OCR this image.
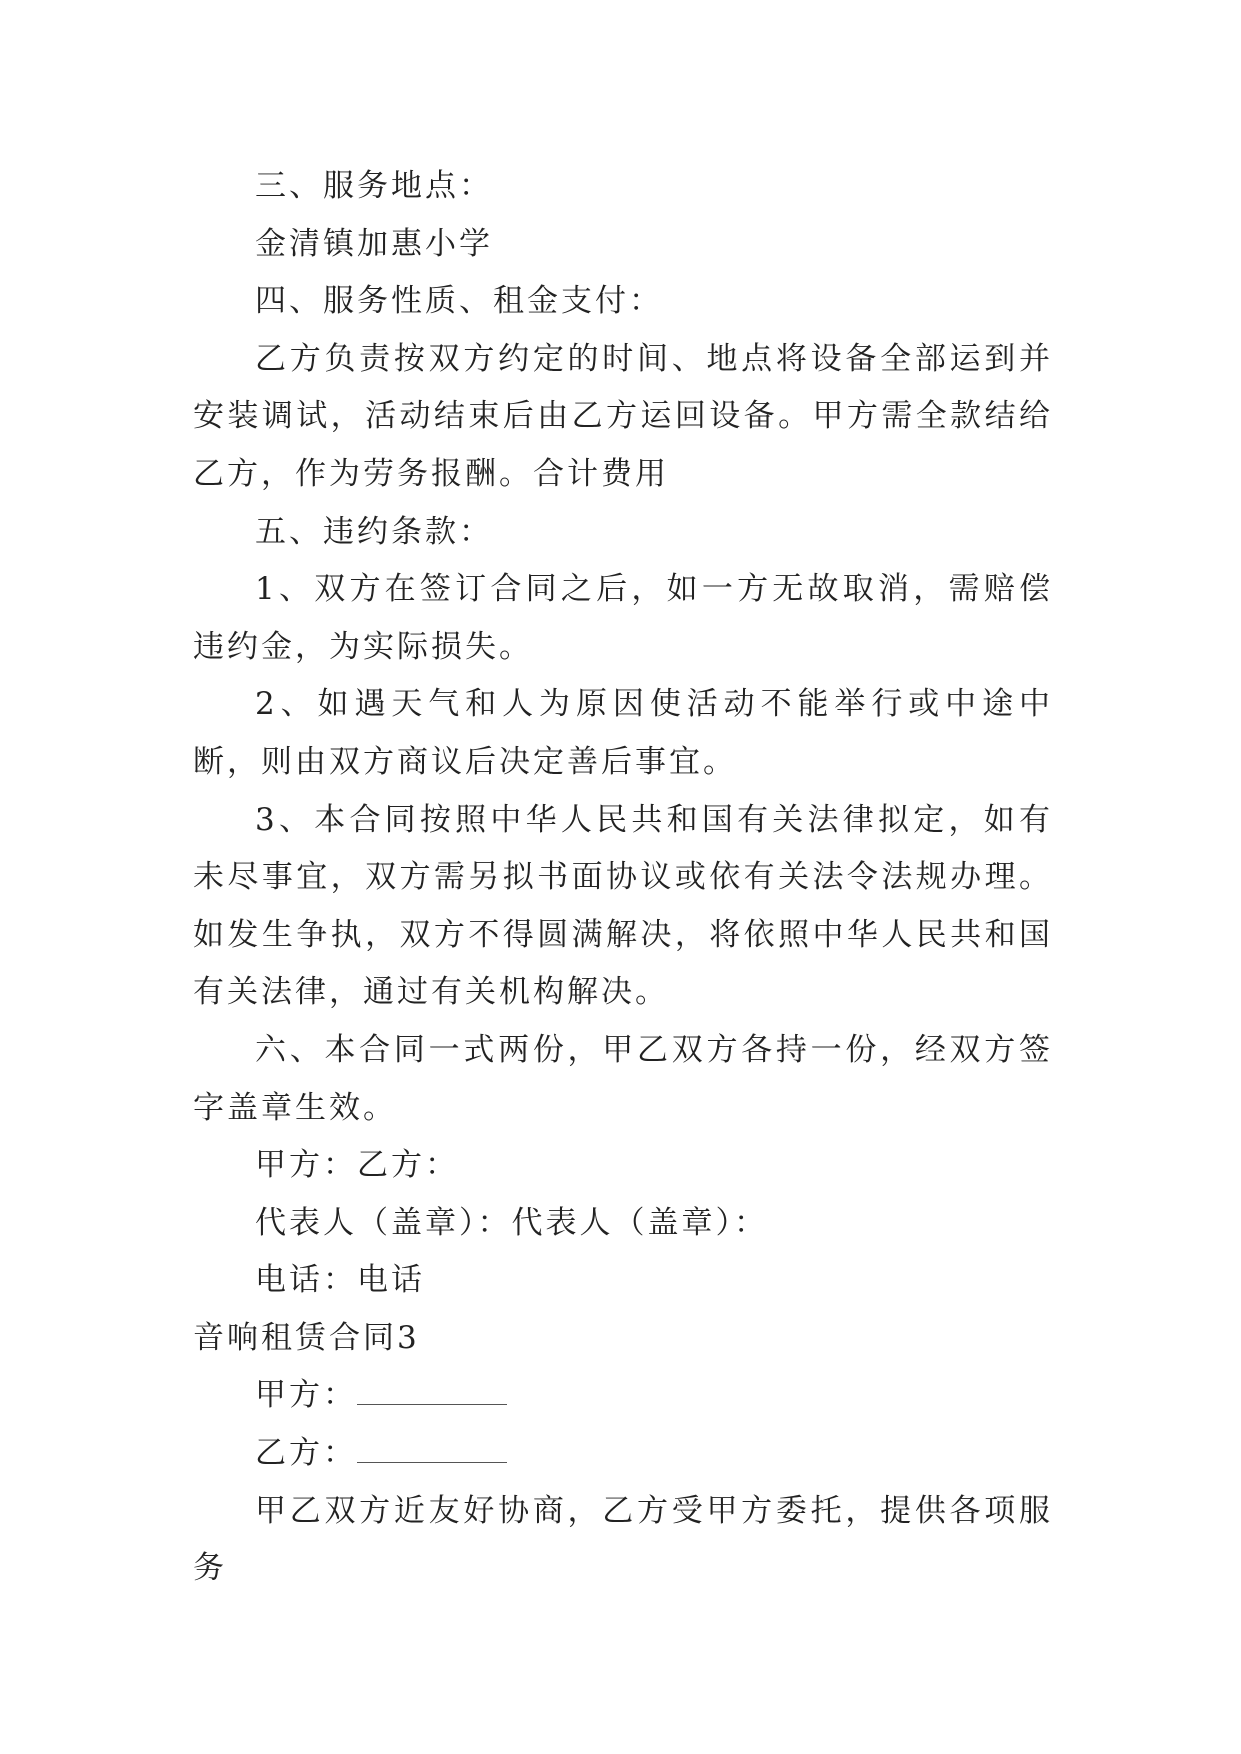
三、服务地点：

金清镇加惠小学

四、服务性质、租金支付：

乙方负责按双方约定的时间、地点将设备全部运到并安装调试，活动结束后由乙方运回设备。甲方需全款结给乙方，作为劳务报酬。合计费用

五、违约条款：

1、双方在签订合同之后，如一方无故取消，需赔偿违约金，为实际损失。

2、如遇天气和人为原因使活动不能举行或中途中断，则由双方商议后决定善后事宜。

3、本合同按照中华人民共和国有关法律拟定，如有未尽事宜，双方需另拟书面协议或依有关法令法规办理。如发生争执，双方不得圆满解决，将依照中华人民共和国有关法律，通过有关机构解决。

六、本合同一式两份，甲乙双方各持一份，经双方签字盖章生效。

甲方：乙方：

代表人（盖章）：代表人（盖章）：

电话：电话

音响租赁合同3

甲方：

乙方：

甲乙双方近友好协商，乙方受甲方委托，提供各项服务
